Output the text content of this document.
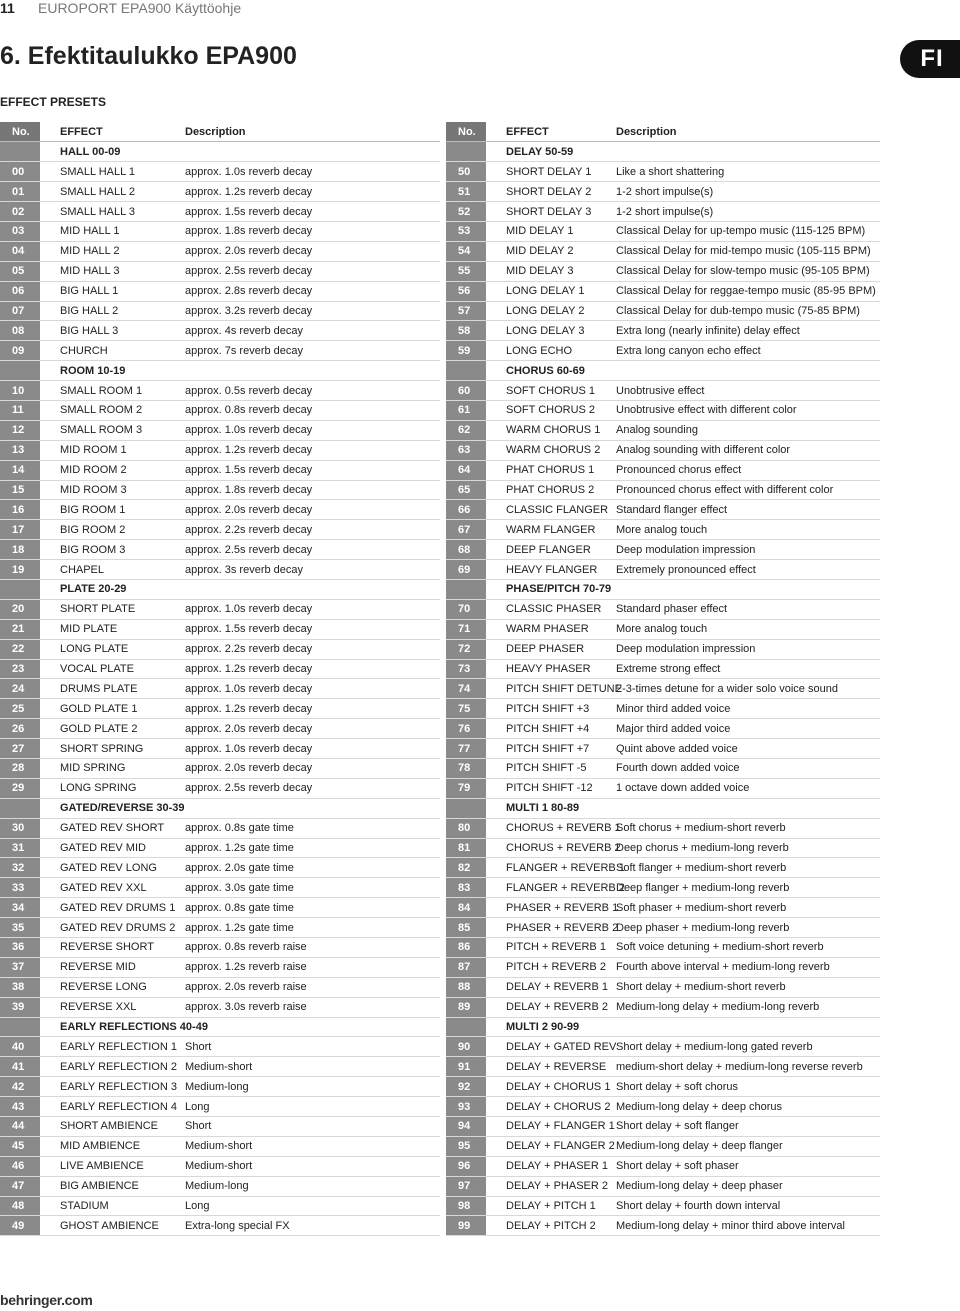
11 EUROPORT EPA900 Käyttöohje
6. Efektitaulukko EPA900	FI
EFFECT PRESETS
No.	EFFECT	Description
	HALL 00-09	
00	SMALL HALL 1	approx. 1.0s reverb decay
01	SMALL HALL 2	approx. 1.2s reverb decay
02	SMALL HALL 3	approx. 1.5s reverb decay
03	MID HALL 1	approx. 1.8s reverb decay
04	MID HALL 2	approx. 2.0s reverb decay
05	MID HALL 3	approx. 2.5s reverb decay
06	BIG HALL 1	approx. 2.8s reverb decay
07	BIG HALL 2	approx. 3.2s reverb decay
08	BIG HALL 3	approx. 4s reverb decay
09	CHURCH	approx. 7s reverb decay
	ROOM 10-19	
10	SMALL ROOM 1	approx. 0.5s reverb decay
11	SMALL ROOM 2	approx. 0.8s reverb decay
12	SMALL ROOM 3	approx. 1.0s reverb decay
13	MID ROOM 1	approx. 1.2s reverb decay
14	MID ROOM 2	approx. 1.5s reverb decay
15	MID ROOM 3	approx. 1.8s reverb decay
16	BIG ROOM 1	approx. 2.0s reverb decay
17	BIG ROOM 2	approx. 2.2s reverb decay
18	BIG ROOM 3	approx. 2.5s reverb decay
19	CHAPEL	approx. 3s reverb decay
	PLATE 20-29	
20	SHORT PLATE	approx. 1.0s reverb decay
21	MID PLATE	approx. 1.5s reverb decay
22	LONG PLATE	approx. 2.2s reverb decay
23	VOCAL PLATE	approx. 1.2s reverb decay
24	DRUMS PLATE	approx. 1.0s reverb decay
25	GOLD PLATE 1	approx. 1.2s reverb decay
26	GOLD PLATE 2	approx. 2.0s reverb decay
27	SHORT SPRING	approx. 1.0s reverb decay
28	MID SPRING	approx. 2.0s reverb decay
29	LONG SPRING	approx. 2.5s reverb decay
	GATED/REVERSE 30-39	
30	GATED REV SHORT	approx. 0.8s gate time
31	GATED REV MID	approx. 1.2s gate time
32	GATED REV LONG	approx. 2.0s gate time
33	GATED REV XXL	approx. 3.0s gate time
34	GATED REV DRUMS 1	approx. 0.8s gate time
35	GATED REV DRUMS 2	approx. 1.2s gate time
36	REVERSE SHORT	approx. 0.8s reverb raise
37	REVERSE MID	approx. 1.2s reverb raise
38	REVERSE LONG	approx. 2.0s reverb raise
39	REVERSE XXL	approx. 3.0s reverb raise
	EARLY REFLECTIONS 40-49	
40	EARLY REFLECTION 1	Short
41	EARLY REFLECTION 2	Medium-short
42	EARLY REFLECTION 3	Medium-long
43	EARLY REFLECTION 4	Long
44	SHORT AMBIENCE	Short
45	MID AMBIENCE	Medium-short
46	LIVE AMBIENCE	Medium-short
47	BIG AMBIENCE	Medium-long
48	STADIUM	Long
49	GHOST AMBIENCE	Extra-long special FX
No.	EFFECT	Description
	DELAY 50-59	
50	SHORT DELAY 1	Like a short shattering
51	SHORT DELAY 2	1-2 short impulse(s)
52	SHORT DELAY 3	1-2 short impulse(s)
53	MID DELAY 1	Classical Delay for up-tempo music (115-125 BPM)
54	MID DELAY 2	Classical Delay for mid-tempo music (105-115 BPM)
55	MID DELAY 3	Classical Delay for slow-tempo music (95-105 BPM)
56	LONG DELAY 1	Classical Delay for reggae-tempo music (85-95 BPM)
57	LONG DELAY 2	Classical Delay for dub-tempo music (75-85 BPM)
58	LONG DELAY 3	Extra long (nearly infinite) delay effect
59	LONG ECHO	Extra long canyon echo effect
	CHORUS 60-69	
60	SOFT CHORUS 1	Unobtrusive effect
61	SOFT CHORUS 2	Unobtrusive effect with different color
62	WARM CHORUS 1	Analog sounding
63	WARM CHORUS 2	Analog sounding with different color
64	PHAT CHORUS 1	Pronounced chorus effect
65	PHAT CHORUS 2	Pronounced chorus effect with different color
66	CLASSIC FLANGER	Standard flanger effect
67	WARM FLANGER	More analog touch
68	DEEP FLANGER	Deep modulation impression
69	HEAVY FLANGER	Extremely pronounced effect
	PHASE/PITCH 70-79	
70	CLASSIC PHASER	Standard phaser effect
71	WARM PHASER	More analog touch
72	DEEP PHASER	Deep modulation impression
73	HEAVY PHASER	Extreme strong effect
74	PITCH SHIFT DETUNE	2-3-times detune for a wider solo voice sound
75	PITCH SHIFT +3	Minor third added voice
76	PITCH SHIFT +4	Major third added voice
77	PITCH SHIFT +7	Quint above added voice
78	PITCH SHIFT -5	Fourth down added voice
79	PITCH SHIFT -12	1 octave down added voice
	MULTI 1 80-89	
80	CHORUS + REVERB 1	Soft chorus + medium-short reverb
81	CHORUS + REVERB 2	Deep chorus + medium-long reverb
82	FLANGER + REVERB 1	Soft flanger + medium-short reverb
83	FLANGER + REVERB 2	Deep flanger + medium-long reverb
84	PHASER + REVERB 1	Soft phaser + medium-short reverb
85	PHASER + REVERB 2	Deep phaser + medium-long reverb
86	PITCH + REVERB 1	Soft voice detuning + medium-short reverb
87	PITCH + REVERB 2	Fourth above interval + medium-long reverb
88	DELAY + REVERB 1	Short delay + medium-short reverb
89	DELAY + REVERB 2	Medium-long delay + medium-long reverb
	MULTI 2 90-99	
90	DELAY + GATED REV	Short delay + medium-long gated reverb
91	DELAY + REVERSE	medium-short delay + medium-long reverse reverb
92	DELAY + CHORUS 1	Short delay + soft chorus
93	DELAY + CHORUS 2	Medium-long delay + deep chorus
94	DELAY + FLANGER 1	Short delay + soft flanger
95	DELAY + FLANGER 2	Medium-long delay + deep flanger
96	DELAY + PHASER 1	Short delay + soft phaser
97	DELAY + PHASER 2	Medium-long delay + deep phaser
98	DELAY + PITCH 1	Short delay + fourth down interval
99	DELAY + PITCH 2	Medium-long delay + minor third above interval
behringer.com
